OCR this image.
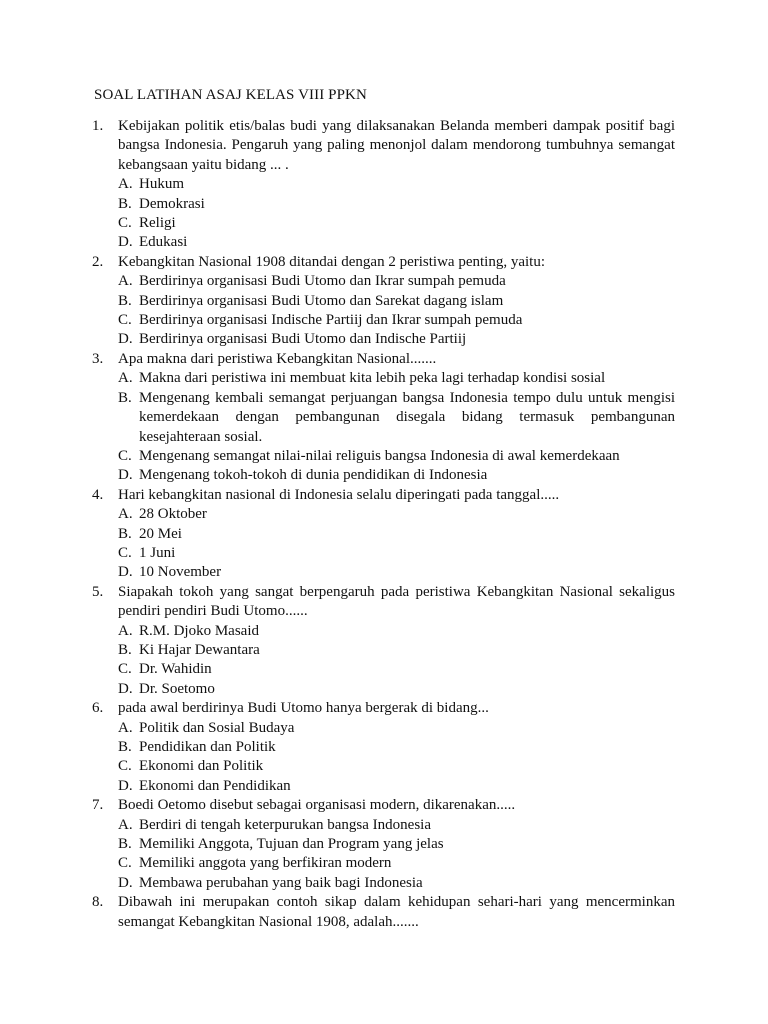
SOAL LATIHAN ASAJ KELAS VIII PPKN
1. Kebijakan politik etis/balas budi yang dilaksanakan Belanda memberi dampak positif bagi bangsa Indonesia. Pengaruh yang paling menonjol dalam mendorong tumbuhnya semangat kebangsaan yaitu bidang ... .
A. Hukum
B. Demokrasi
C. Religi
D. Edukasi
2. Kebangkitan Nasional 1908 ditandai dengan 2 peristiwa penting, yaitu:
A. Berdirinya organisasi Budi Utomo dan Ikrar sumpah pemuda
B. Berdirinya organisasi Budi Utomo dan Sarekat dagang islam
C. Berdirinya organisasi Indische Partiij dan Ikrar sumpah pemuda
D. Berdirinya organisasi Budi Utomo dan Indische Partiij
3. Apa makna dari peristiwa Kebangkitan Nasional.......
A. Makna dari peristiwa ini membuat kita lebih peka lagi terhadap kondisi sosial
B. Mengenang kembali semangat perjuangan bangsa Indonesia tempo dulu untuk mengisi kemerdekaan dengan pembangunan disegala bidang termasuk pembangunan kesejahteraan sosial.
C. Mengenang semangat nilai-nilai religuis bangsa Indonesia di awal kemerdekaan
D. Mengenang tokoh-tokoh di dunia pendidikan di Indonesia
4. Hari kebangkitan nasional di Indonesia selalu diperingati pada tanggal.....
A. 28 Oktober
B. 20 Mei
C. 1 Juni
D. 10 November
5. Siapakah tokoh yang sangat berpengaruh pada peristiwa Kebangkitan Nasional sekaligus pendiri pendiri Budi Utomo......
A. R.M. Djoko Masaid
B. Ki Hajar Dewantara
C. Dr. Wahidin
D. Dr. Soetomo
6. pada awal berdirinya Budi Utomo hanya bergerak di bidang...
A. Politik dan Sosial Budaya
B. Pendidikan dan Politik
C. Ekonomi dan Politik
D. Ekonomi dan Pendidikan
7. Boedi Oetomo disebut sebagai organisasi modern, dikarenakan.....
A. Berdiri di tengah keterpurukan bangsa Indonesia
B. Memiliki Anggota, Tujuan dan Program yang jelas
C. Memiliki anggota yang berfikiran modern
D. Membawa perubahan yang baik bagi Indonesia
8. Dibawah ini merupakan contoh sikap dalam kehidupan sehari-hari yang mencerminkan semangat Kebangkitan Nasional 1908, adalah.......
